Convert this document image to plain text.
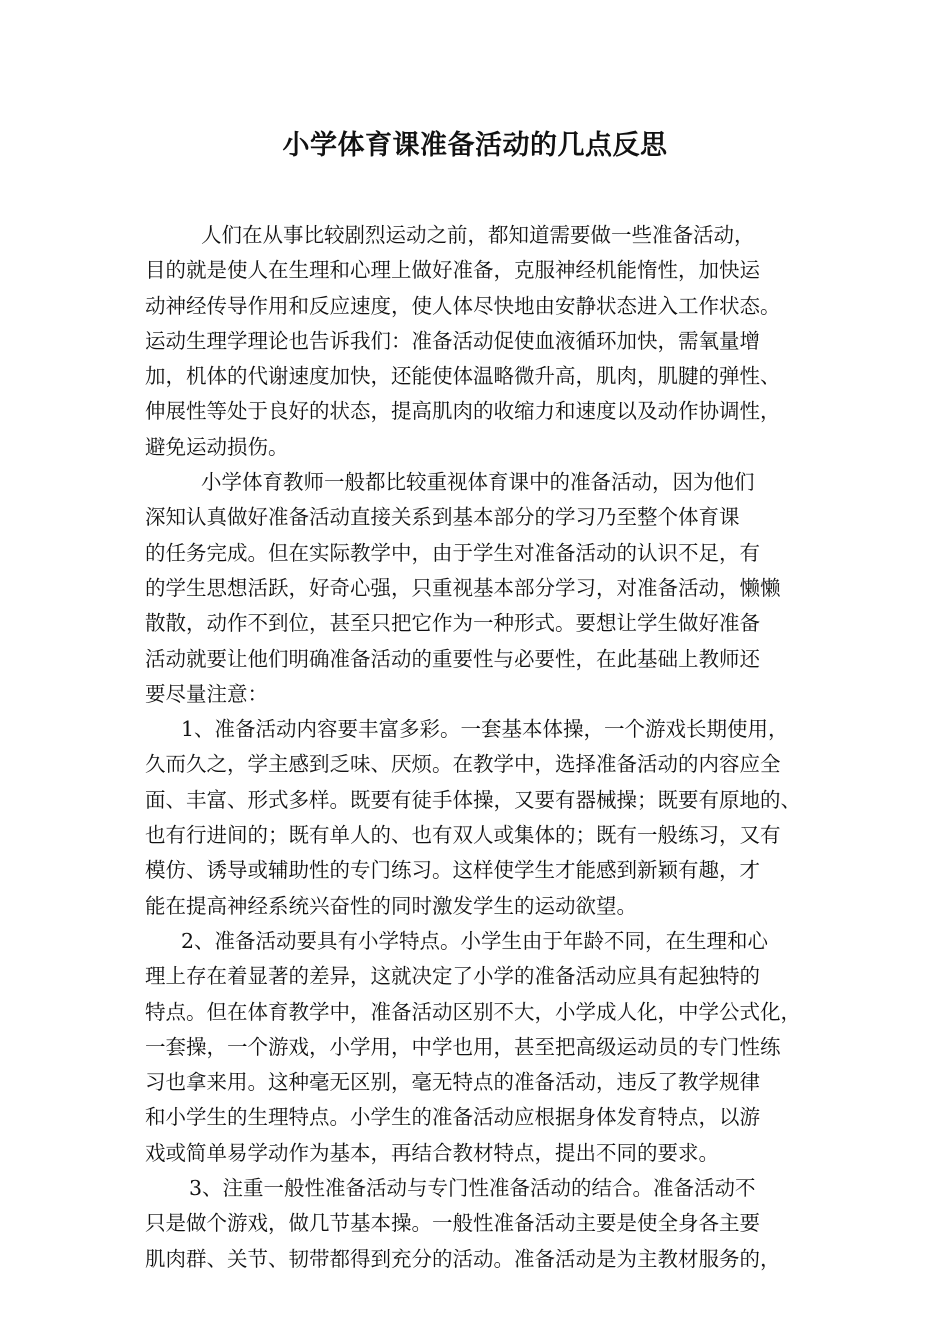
小学体育课准备活动的几点反思
人们在从事比较剧烈运动之前，都知道需要做一些准备活动，
目的就是使人在生理和心理上做好准备，克服神经机能惰性，加快运
动神经传导作用和反应速度，使人体尽快地由安静状态进入工作状态。
运动生理学理论也告诉我们：准备活动促使血液循环加快，需氧量增
加，机体的代谢速度加快，还能使体温略微升高，肌肉，肌腱的弹性、
伸展性等处于良好的状态，提高肌肉的收缩力和速度以及动作协调性，
避免运动损伤。
小学体育教师一般都比较重视体育课中的准备活动，因为他们
深知认真做好准备活动直接关系到基本部分的学习乃至整个体育课
的任务完成。但在实际教学中，由于学生对准备活动的认识不足，有
的学生思想活跃，好奇心强，只重视基本部分学习，对准备活动，懒懒
散散，动作不到位，甚至只把它作为一种形式。要想让学生做好准备
活动就要让他们明确准备活动的重要性与必要性，在此基础上教师还
要尽量注意：
1、准备活动内容要丰富多彩。一套基本体操，一个游戏长期使用，
久而久之，学主感到乏味、厌烦。在教学中，选择准备活动的内容应全
面、丰富、形式多样。既要有徒手体操，又要有器械操；既要有原地的、
也有行进间的；既有单人的、也有双人或集体的；既有一般练习，又有
模仿、诱导或辅助性的专门练习。这样使学生才能感到新颖有趣，才
能在提高神经系统兴奋性的同时激发学生的运动欲望。
2、准备活动要具有小学特点。小学生由于年龄不同，在生理和心
理上存在着显著的差异，这就决定了小学的准备活动应具有起独特的
特点。但在体育教学中，准备活动区别不大，小学成人化，中学公式化，
一套操，一个游戏，小学用，中学也用，甚至把高级运动员的专门性练
习也拿来用。这种毫无区别，毫无特点的准备活动，违反了教学规律
和小学生的生理特点。小学生的准备活动应根据身体发育特点，以游
戏或简单易学动作为基本，再结合教材特点，提出不同的要求。
3、注重一般性准备活动与专门性准备活动的结合。准备活动不
只是做个游戏，做几节基本操。一般性准备活动主要是使全身各主要
肌肉群、关节、韧带都得到充分的活动。准备活动是为主教材服务的，
